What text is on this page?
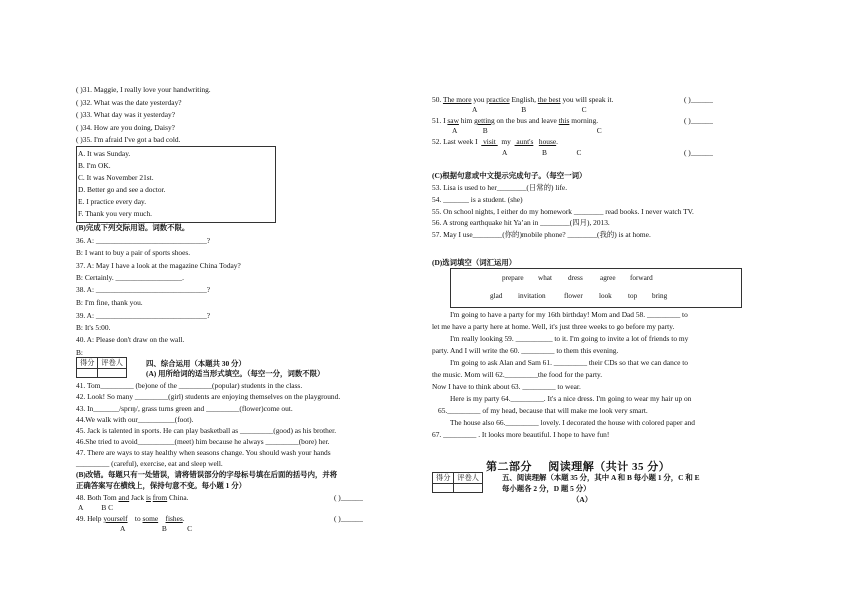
( )31. Maggie, I really love your handwriting.
( )32. What was the date yesterday?
( )33. What day was it yesterday?
( )34. How are you doing, Daisy?
( )35. I'm afraid I've got a bad cold.
A. It was Sunday.
B. I'm OK.
C. It was November 21st.
D. Better go and see a doctor.
E. I practice every day.
F. Thank you very much.
(B)完成下列交际用语。词数不限。
36. A: ______________________________?
B: I want to buy a pair of sports shoes.
37. A: May I have a look at the magazine China Today?
B: Certainly. __________________.
38. A: ______________________________?
B: I'm fine, thank you.
39. A: ______________________________?
B: It's 5:00.
40. A: Please don't draw on the wall.
B:
得分	评卷人
		四、综合运用（本题共 30 分）
(A) 用所给词的适当形式填空。（每空一分，词数不限）
41. Tom_________ (be)one of the _________(popular) students in the class.
42. Look! So many _________(girl) students are enjoying themselves on the playground.
43. In_______/sprɪŋ/, grass turns green and _________(flower)come out.
44.We walk with our__________(foot).
45. Jack is talented in sports. He can play basketball as _________(good) as his brother.
46.She tried to avoid__________(meet) him because he always _________(bore) her.
47. There are ways to stay healthy when seasons change. You should wash your hands
_________ (careful), exercise, eat and sleep well.
(B)改错。每题只有一处错误，请将错误部分的字母标号填在后面的括号内，并将
正确答案写在横线上，保持句意不变。每小题 1 分）
48. Both Tom and Jack is from China.	( )______
A          B C
49. Help yourself    to some fishes.	( )______
A                    B           C
50. The more you practice English, the best you will speak it.	( )______
A                        B                              C
51. I saw him getting on the bus and leave this morning.	( )______
A              B                                                           C
52. Last week I   visit   my   aunt's house.
A                   B                C	( )______
(C)根据句意或中文提示完成句子。（每空一词）
53. Lisa is used to her________(日常的) life.
54. _______ is a student. (she)
55. On school nights, I either do my homework ________ read books. I never watch TV.
56. A strong earthquake hit Ya’an in ________(四月), 2013.
57. May I use________(你的)mobile phone? ________(我的) is at home.
(D)选词填空（词汇运用）
prepare what dress agree forward
glad invitation	flower look top bring
I'm going to have a party for my 16th birthday! Mom and Dad 58. _________ to
let me have a party here at home. Well, it's just three weeks to go before my party.
I'm really looking 59. __________ to it. I'm going to invite a lot of friends to my
party. And I will write the 60. _________ to them this evening.
I'm going to ask Alan and Sam 61. _________ their CDs so that we can dance to
the music. Mom will 62._________the food for the party.
Now I have to think about 63. _________ to wear.
Here is my party 64._________. It's a nice dress. I'm going to wear my hair up on
65._________ of my head, because that will make me look very smart.
The house also 66._________ lovely. I decorated the house with colored paper and
67. _________ . It looks more beautiful. I hope to have fun!
第二部分     阅读理解（共计 35 分）
得分	评卷人
		五、阅读理解（本题 35 分，其中 A 和 B 每小题 1 分，C 和 E
每小题各 2 分，D 题 5 分）
（A）
